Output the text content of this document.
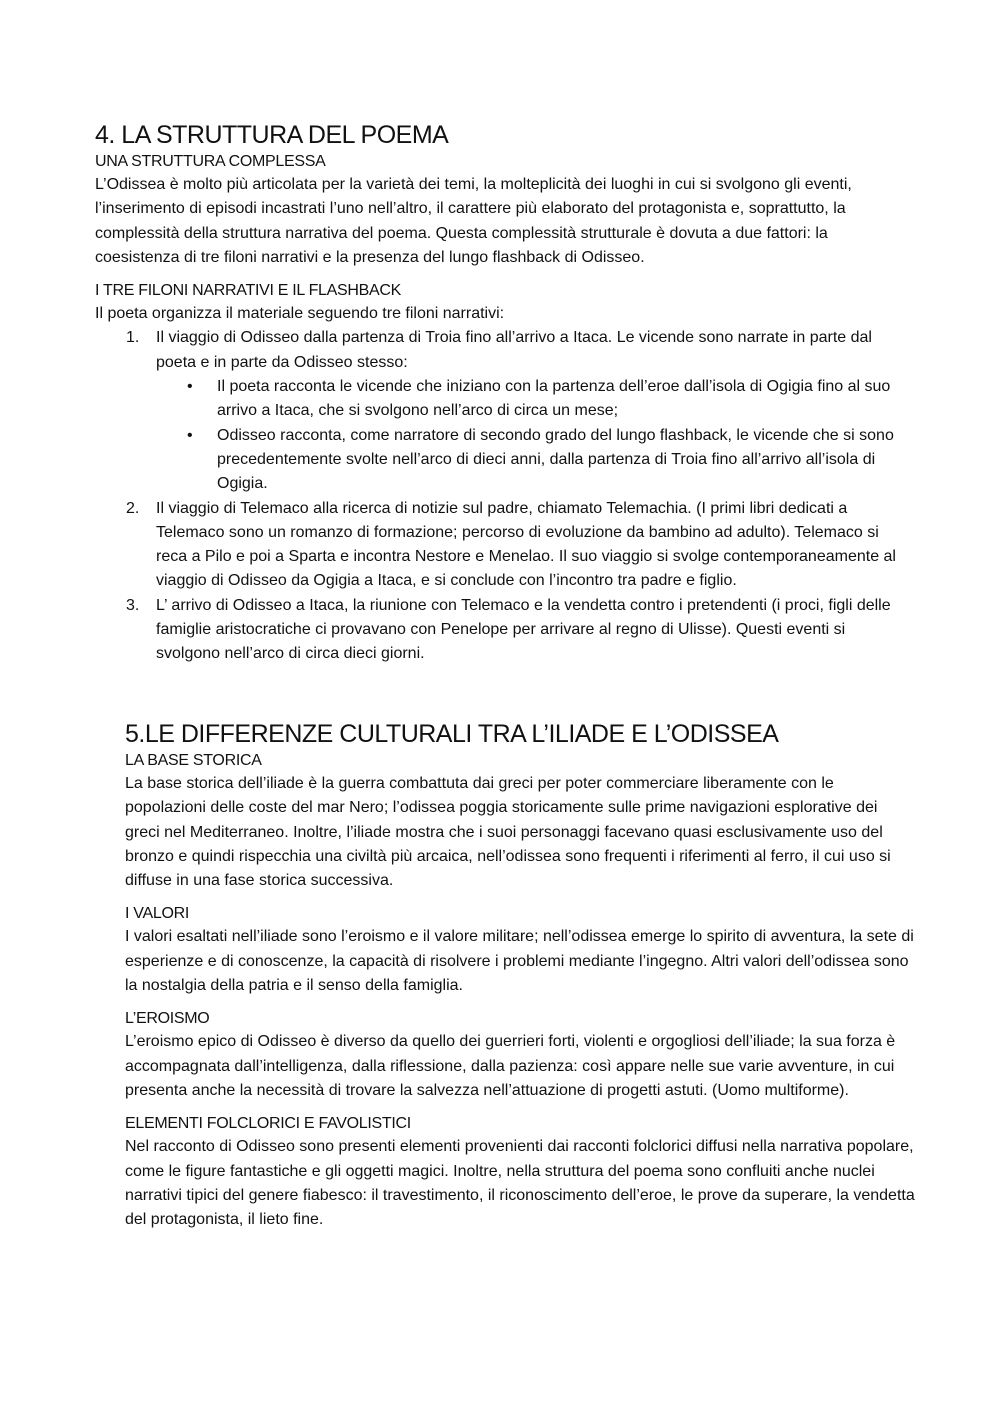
4. LA STRUTTURA DEL POEMA
UNA STRUTTURA COMPLESSA

L’Odissea è molto più articolata per la varietà dei temi, la molteplicità dei luoghi in cui si svolgono gli eventi, l’inserimento di episodi incastrati l’uno nell’altro, il carattere più elaborato del protagonista e, soprattutto, la complessità della struttura narrativa del poema. Questa complessità strutturale è dovuta a due fattori: la coesistenza di tre filoni narrativi e la presenza del lungo flashback di Odisseo.

I TRE FILONI NARRATIVI E IL FLASHBACK

Il poeta organizza il materiale seguendo tre filoni narrativi:

1. Il viaggio di Odisseo dalla partenza di Troia fino all’arrivo a Itaca. Le vicende sono narrate in parte dal poeta e in parte da Odisseo stesso:
• Il poeta racconta le vicende che iniziano con la partenza dell’eroe dall’isola di Ogigia fino al suo arrivo a Itaca, che si svolgono nell’arco di circa un mese;
• Odisseo racconta, come narratore di secondo grado del lungo flashback, le vicende che si sono precedentemente svolte nell’arco di dieci anni, dalla partenza di Troia fino all’arrivo all’isola di Ogigia.
2. Il viaggio di Telemaco alla ricerca di notizie sul padre, chiamato Telemachia. (I primi libri dedicati a Telemaco sono un romanzo di formazione; percorso di evoluzione da bambino ad adulto). Telemaco si reca a Pilo e poi a Sparta e incontra Nestore e Menelao. Il suo viaggio si svolge contemporaneamente al viaggio di Odisseo da Ogigia a Itaca, e si conclude con l’incontro tra padre e figlio.
3. L’ arrivo di Odisseo a Itaca, la riunione con Telemaco e la vendetta contro i pretendenti (i proci, figli delle famiglie aristocratiche ci provavano con Penelope per arrivare al regno di Ulisse). Questi eventi si svolgono nell’arco di circa dieci giorni.
5.LE DIFFERENZE CULTURALI TRA L’ILIADE E L’ODISSEA
LA BASE STORICA

La base storica dell’iliade è la guerra combattuta dai greci per poter commerciare liberamente con le popolazioni delle coste del mar Nero; l’odissea poggia storicamente sulle prime navigazioni esplorative dei greci nel Mediterraneo. Inoltre, l’iliade mostra che i suoi personaggi facevano quasi esclusivamente uso del bronzo e quindi rispecchia una civiltà più arcaica, nell’odissea sono frequenti i riferimenti al ferro, il cui uso si diffuse in una fase storica successiva.

I VALORI

I valori esaltati nell’iliade sono l’eroismo e il valore militare; nell’odissea emerge lo spirito di avventura, la sete di esperienze e di conoscenze, la capacità di risolvere i problemi mediante l’ingegno. Altri valori dell’odissea sono la nostalgia della patria e il senso della famiglia.

L’EROISMO

L’eroismo epico di Odisseo è diverso da quello dei guerrieri forti, violenti e orgogliosi dell’iliade; la sua forza è accompagnata dall’intelligenza, dalla riflessione, dalla pazienza: così appare nelle sue varie avventure, in cui presenta anche la necessità di trovare la salvezza nell’attuazione di progetti astuti. (Uomo multiforme).

ELEMENTI FOLCLORICI E FAVOLISTICI

Nel racconto di Odisseo sono presenti elementi provenienti dai racconti folclorici diffusi nella narrativa popolare, come le figure fantastiche e gli oggetti magici. Inoltre, nella struttura del poema sono confluiti anche nuclei narrativi tipici del genere fiabesco: il travestimento, il riconoscimento dell’eroe, le prove da superare, la vendetta del protagonista, il lieto fine.
